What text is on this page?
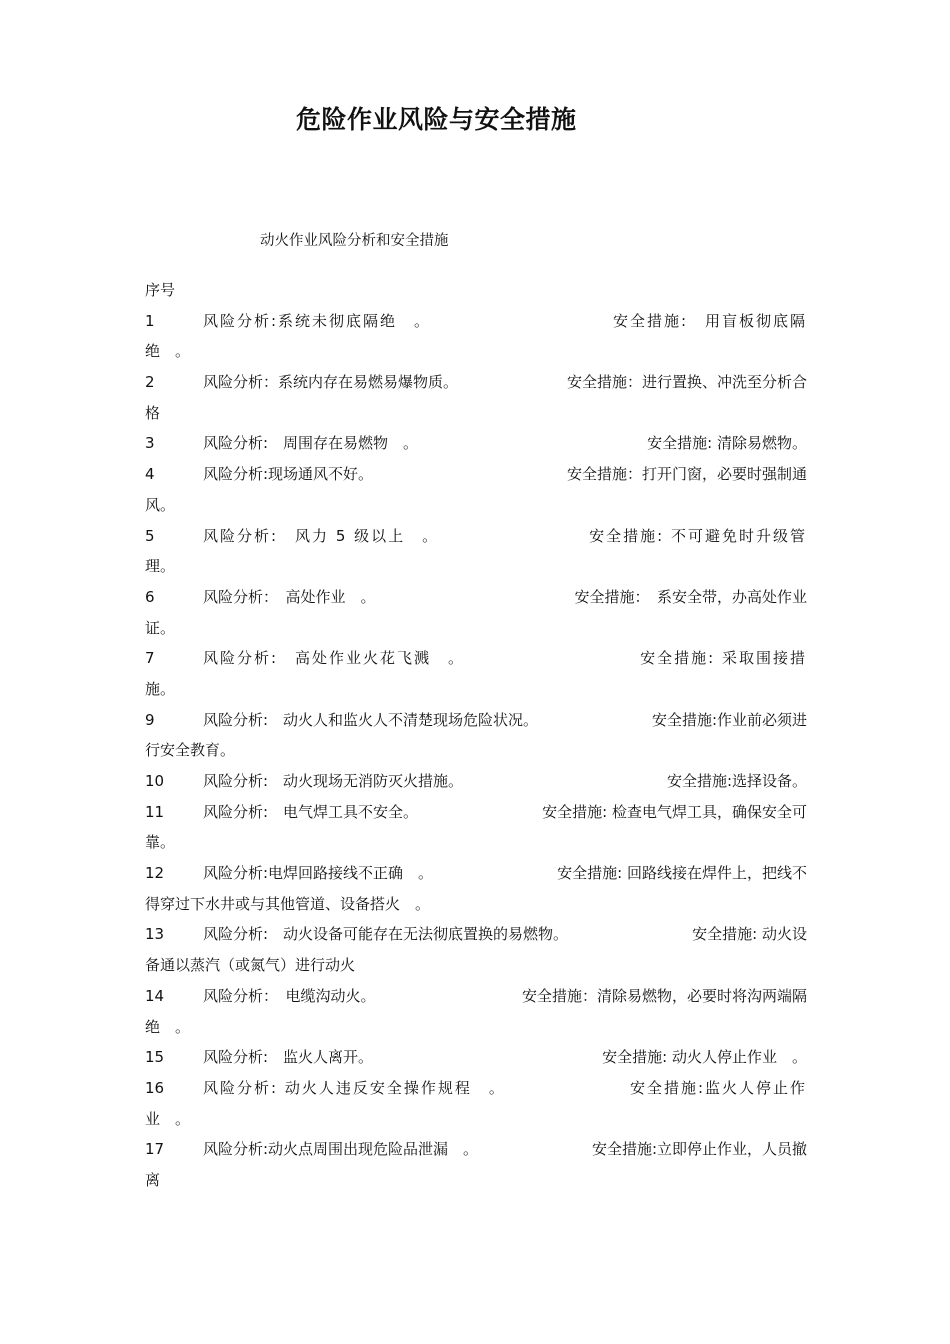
危险作业风险与安全措施
动火作业风险分析和安全措施
序号
1	风险分析:系统未彻底隔绝　。	安全措施:　用盲板彻底隔
绝　。
2	风险分析：系统内存在易燃易爆物质。	安全措施：进行置换、冲洗至分析合
格
3	风险分析:　周围存在易燃物　。	安全措施: 清除易燃物。
4	风险分析:现场通风不好。	安全措施：打开门窗，必要时强制通
风。
5	风险分析:　风力 5 级以上　。	安全措施: 不可避免时升级管
理。
6	风险分析：　高处作业　。	安全措施：　系安全带，办高处作业
证。
7	风险分析:　高处作业火花飞溅　。	安全措施: 采取围接措
施。
9	风险分析:　动火人和监火人不清楚现场危险状况。	安全措施:作业前必须进
行安全教育。
10	风险分析:　动火现场无消防灭火措施。	安全措施:选择设备。
11	风险分析:　电气焊工具不安全。	安全措施: 检查电气焊工具，确保安全可
靠。
12	风险分析:电焊回路接线不正确　。	安全措施: 回路线接在焊件上，把线不
得穿过下水井或与其他管道、设备搭火　。
13	风险分析:　动火设备可能存在无法彻底置换的易燃物。	安全措施: 动火设
备通以蒸汽（或氮气）进行动火
14	风险分析：　电缆沟动火。	安全措施：清除易燃物，必要时将沟两端隔
绝　。
15	风险分析:　监火人离开。	安全措施: 动火人停止作业　。
16	风险分析: 动火人违反安全操作规程　。	安全措施:监火人停止作
业　。
17	风险分析:动火点周围出现危险品泄漏　。	安全措施:立即停止作业，人员撤
离
